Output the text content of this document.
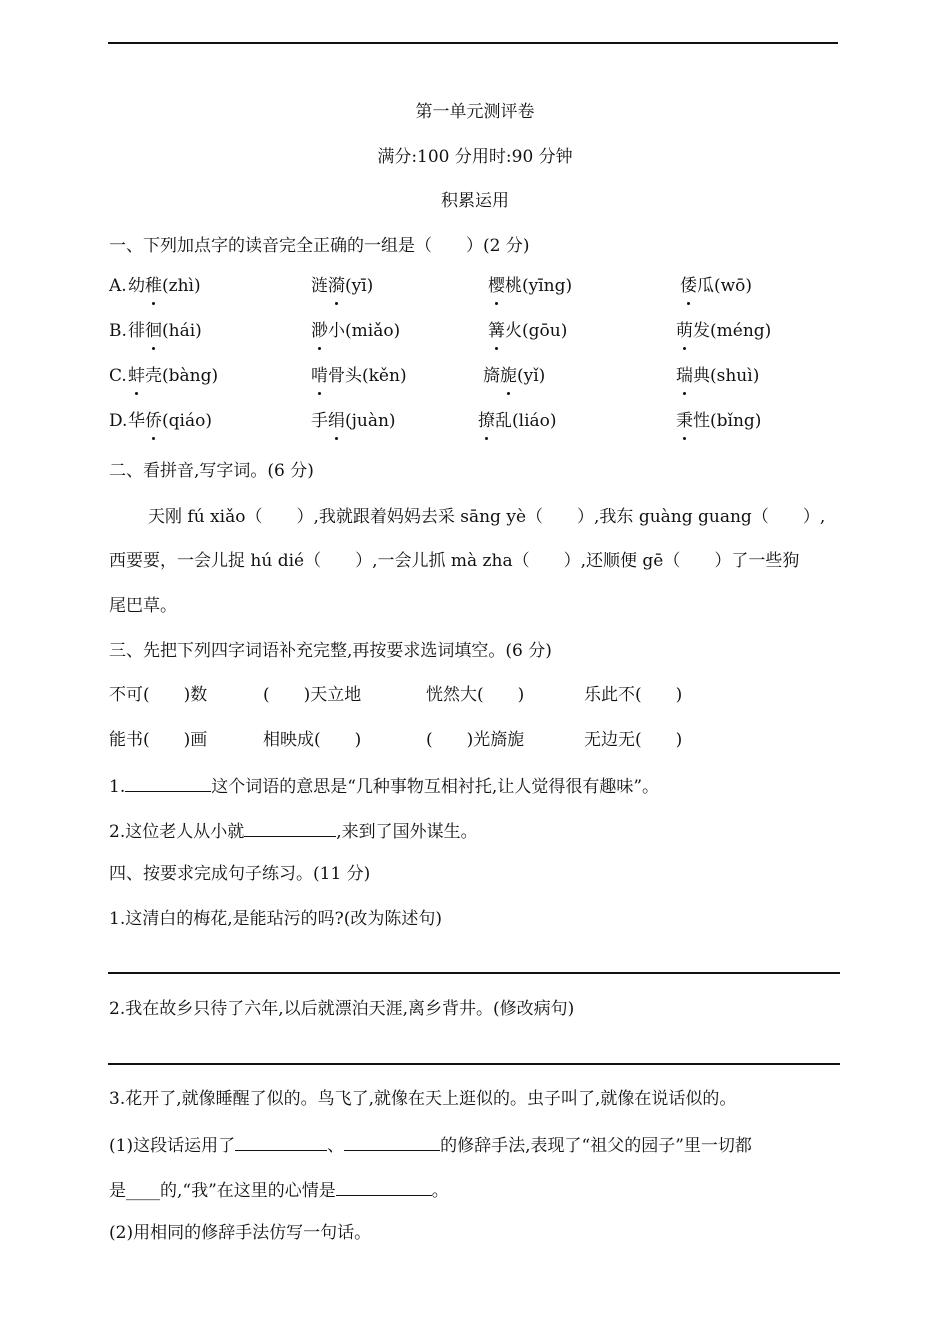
第一单元测评卷
满分:100 分用时:90 分钟
积累运用
一、下列加点字的读音完全正确的一组是（　　）(2 分)
A. 幼稚(zhì)	涟漪(yī)	樱桃(yīng)	倭瓜(wō)
B. 徘徊(hái)	渺小(miǎo)	篝火(gōu)	萌发(méng)
C. 蚌壳(bàng)	啃骨头(kěn)	旖旎(yǐ)	瑞典(shuì)
D. 华侨(qiáo)	手绢(juàn)	撩乱(liáo)	秉性(bǐng)
二、看拼音,写字词。(6 分)
天刚 fú xiǎo（　　）,我就跟着妈妈去采 sāng yè（　　）,我东 guàng guang（　　）,
西要要，一会儿捉 hú dié（　　）,一会儿抓 mà zha（　　）,还顺便 gē（　　）了一些狗
尾巴草。
三、先把下列四字词语补充完整,再按要求选词填空。(6 分)
不可(　　)数	(　　)天立地	恍然大(　　)	乐此不(　　)
能书(　　)画	相映成(　　)	(　　)光旖旎	无边无(　　)
1.	这个词语的意思是“几种事物互相衬托,让人觉得很有趣味”。
2.这位老人从小就	,来到了国外谋生。
四、按要求完成句子练习。(11 分)
1.这清白的梅花,是能玷污的吗?(改为陈述句)
2.我在故乡只待了六年,以后就漂泊天涯,离乡背井。(修改病句)
3.花开了,就像睡醒了似的。鸟飞了,就像在天上逛似的。虫子叫了,就像在说话似的。
(1)这段话运用了	、	的修辞手法,表现了“祖父的园子”里一切都
是____的,“我”在这里的心情是	。
(2)用相同的修辞手法仿写一句话。
